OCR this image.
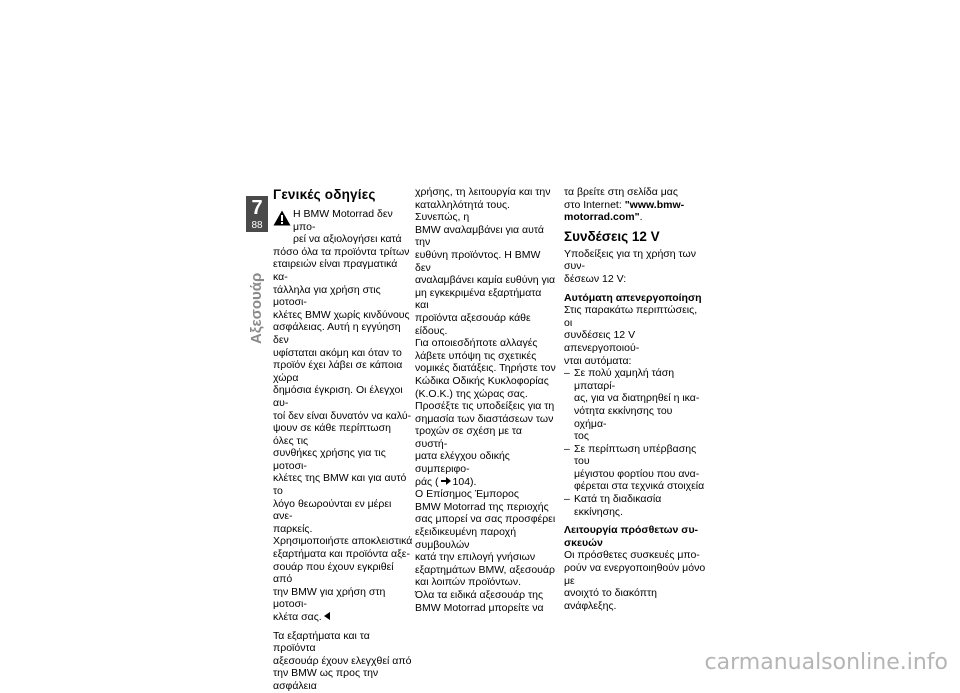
7
88
Αξεσουάρ
Γενικές οδηγίες

Η BMW Motorrad δεν μπο-

ρεί να αξιολογήσει κατά

πόσο όλα τα προϊόντα τρίτων

εταιρειών είναι πραγματικά κα-

τάλληλα για χρήση στις μοτοσι-

κλέτες BMW χωρίς κινδύνους

ασφάλειας. Αυτή η εγγύηση δεν

υφίσταται ακόμη και όταν το

προϊόν έχει λάβει σε κάποια χώρα

δημόσια έγκριση. Οι έλεγχοι αυ-

τοί δεν είναι δυνατόν να καλύ-

ψουν σε κάθε περίπτωση όλες τις

συνθήκες χρήσης για τις μοτοσι-

κλέτες της BMW και για αυτό το

λόγο θεωρούνται εν μέρει ανε-

παρκείς.

Χρησιμοποιήστε αποκλειστικά

εξαρτήματα και προϊόντα αξε-

σουάρ που έχουν εγκριθεί από

την BMW για χρήση στη μοτοσι-

κλέτα σας.

Τα εξαρτήματα και τα προϊόντα

αξεσουάρ έχουν ελεγχθεί από

την BMW ως προς την ασφάλεια

χρήσης, τη λειτουργία και την

καταλληλότητά τους. Συνεπώς, η

BMW αναλαμβάνει για αυτά την

ευθύνη προϊόντος. Η BMW δεν

αναλαμβάνει καμία ευθύνη για

μη εγκεκριμένα εξαρτήματα και

προϊόντα αξεσουάρ κάθε είδους.

Για οποιεσδήποτε αλλαγές

λάβετε υπόψη τις σχετικές

νομικές διατάξεις. Τηρήστε τον

Κώδικα Οδικής Κυκλοφορίας

(Κ.Ο.Κ.) της χώρας σας.

Προσέξτε τις υποδείξεις για τη

σημασία των διαστάσεων των

τροχών σε σχέση με τα συστή-

ματα ελέγχου οδικής συμπεριφο-

ράς ( 104).

Ο Επίσημος Έμπορος

BMW Motorrad της περιοχής

σας μπορεί να σας προσφέρει

εξειδικευμένη παροχή συμβουλών

κατά την επιλογή γνήσιων

εξαρτημάτων BMW, αξεσουάρ

και λοιπών προϊόντων.

Όλα τα ειδικά αξεσουάρ της

BMW Motorrad μπορείτε να

τα βρείτε στη σελίδα μας

στο Internet: "www.bmw-

motorrad.com".

Συνδέσεις 12 V

Υποδείξεις για τη χρήση των συν-

δέσεων 12 V:

Αυτόματη απενεργοποίηση

Στις παρακάτω περιπτώσεις, οι

συνδέσεις 12 V απενεργοποιού-

νται αυτόματα:

– Σε πολύ χαμηλή τάση μπαταρί-
ας, για να διατηρηθεί η ικα-
νότητα εκκίνησης του οχήμα-
τος
– Σε περίπτωση υπέρβασης του
μέγιστου φορτίου που ανα-
φέρεται στα τεχνικά στοιχεία
– Κατά τη διαδικασία εκκίνησης.
Λειτουργία πρόσθετων συ-
σκευών

Οι πρόσθετες συσκευές μπο-

ρούν να ενεργοποιηθούν μόνο με

ανοιχτό το διακόπτη ανάφλεξης.

carmanualsonline.info
